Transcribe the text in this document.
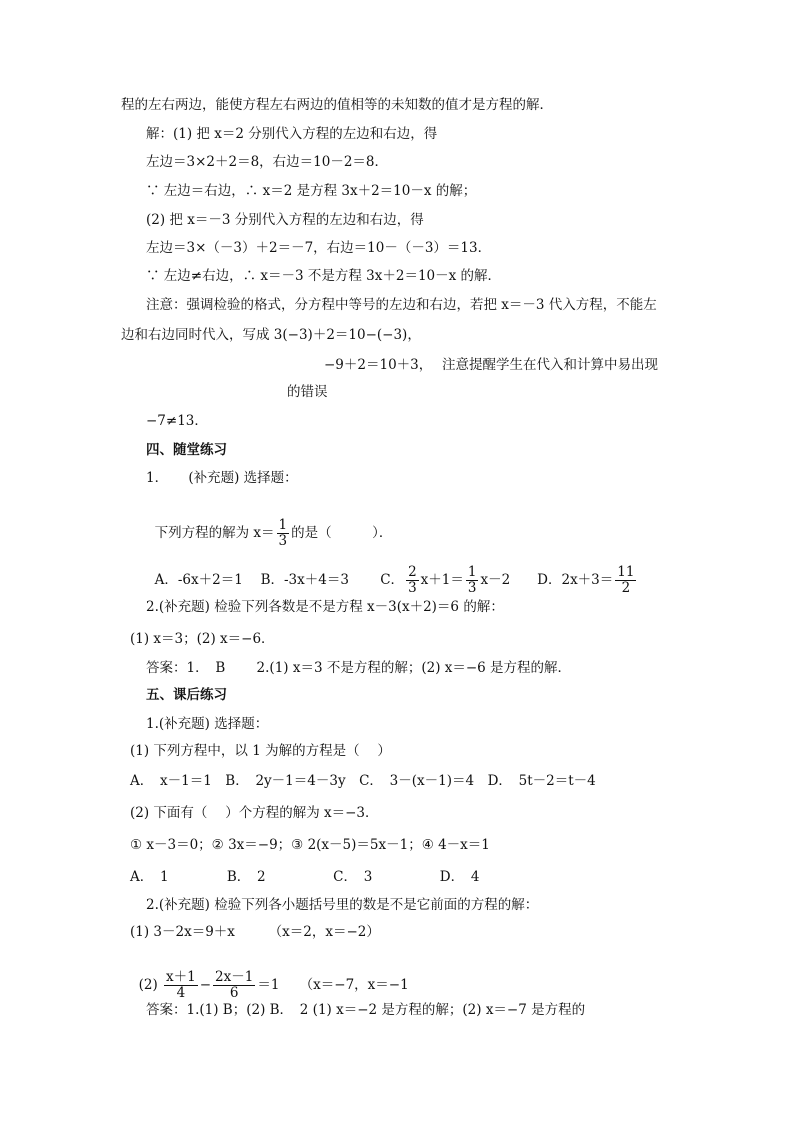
程的左右两边，能使方程左右两边的值相等的未知数的值才是方程的解．
解：(1) 把 x＝2 分别代入方程的左边和右边，得
左边＝3×2＋2＝8，右边＝10－2＝8．
∵ 左边＝右边，∴ x＝2 是方程 3x＋2＝10－x 的解；
(2) 把 x＝－3 分别代入方程的左边和右边，得
左边＝3×（－3）＋2＝－7，右边＝10－（－3）＝13．
∵ 左边≠右边，∴ x＝－3 不是方程 3x＋2＝10－x 的解．
注意：强调检验的格式，分方程中等号的左边和右边，若把 x＝－3 代入方程，不能左
边和右边同时代入，写成 3(−3)＋2＝10−(−3)，
−9＋2＝10＋3， 注意提醒学生在代入和计算中易出现
的错误
−7≠13．
四、随堂练习
1．　　(补充题) 选择题：

下列方程的解为 $x= \frac{1}{3}$ 的是（　　　）．

A．-6x＋2＝1　 B．-3x＋4＝3　　 C． $\frac{2}{3} x+1= \frac{1}{3} x-2$　　D．$2x+3= \frac{11}{2}$

2.(补充题) 检验下列各数是不是方程 x－3(x＋2)＝6 的解：
(1) x＝3；(2) x＝−6．
答案：1．　B　　 2.(1) x＝3 不是方程的解；(2) x＝−6 是方程的解．
五、课后练习
1.(补充题) 选择题：
(1) 下列方程中，以 1 为解的方程是（　 ）
A．　x－1＝1　B．　2y－1＝4－3y　C．　3－(x－1)＝4　D．　5t－2＝t－4
(2) 下面有（　 ）个方程的解为 x＝−3．
① x－3＝0；② 3x＝−9；③ 2(x－5)＝5x－1；④ 4－x＝1
A．　1　　　　 B．　2　　　　　C．　3　　　　　D．　4
2.(补充题) 检验下列各小题括号里的数是不是它前面的方程的解：
(1) 3－2x＝9＋x　　　（x＝2，x＝−2）

$(2) \frac{x+1}{4} - \frac{2x-1}{6} =1$　　（x＝−7，x＝−1

答案：1.(1) B；(2) B．　2 (1) x＝−2 是方程的解；(2) x＝−7 是方程的
